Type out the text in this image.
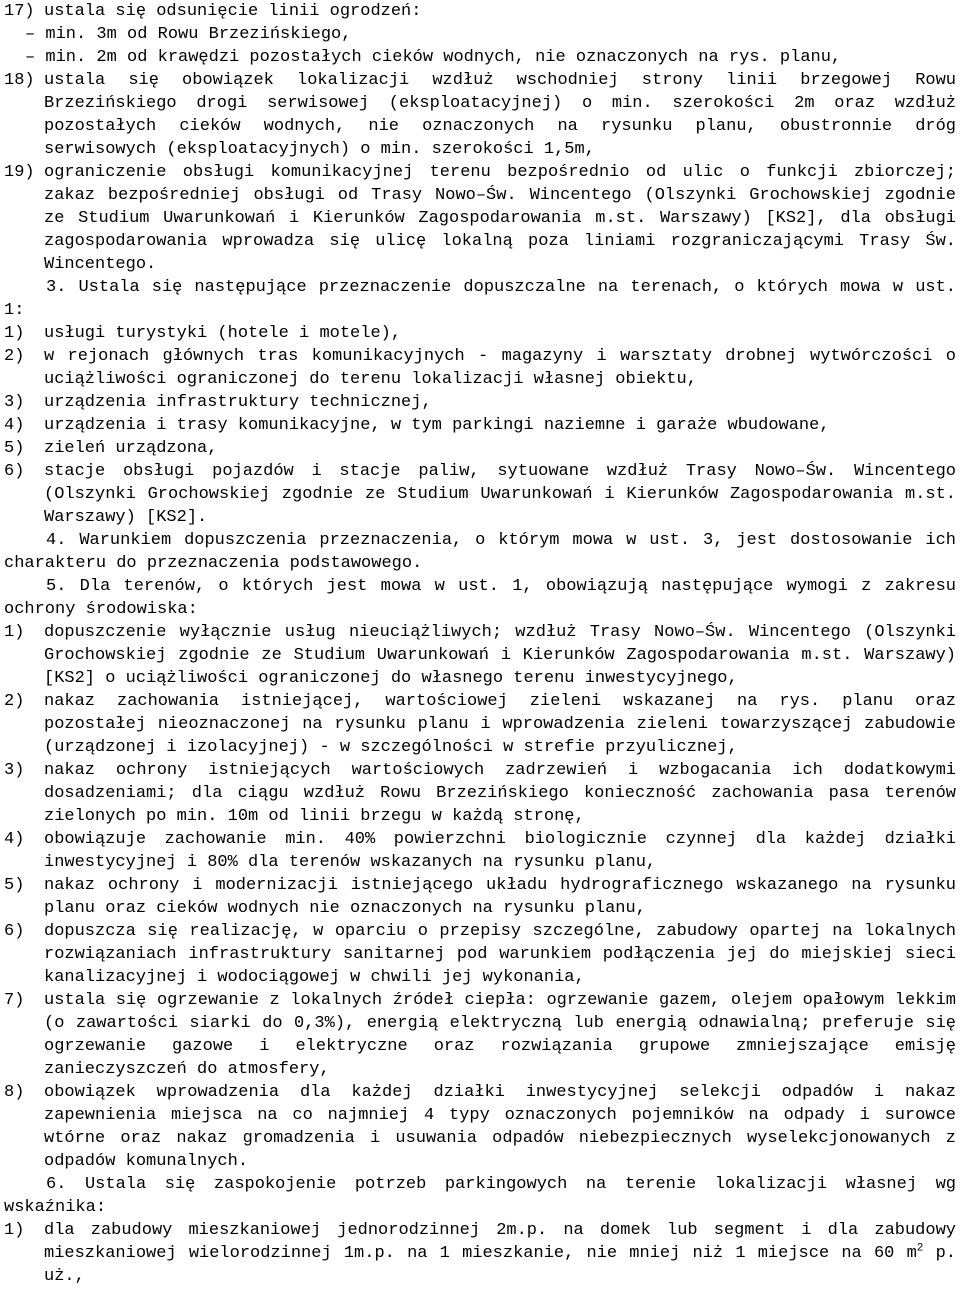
17) ustala się odsunięcie linii ogrodzeń:
– min. 3m od Rowu Brzezińskiego,
– min. 2m od krawędzi pozostałych cieków wodnych, nie oznaczonych na rys. planu,
18) ustala się obowiązek lokalizacji wzdłuż wschodniej strony linii brzegowej Rowu Brzezińskiego drogi serwisowej (eksploatacyjnej) o min. szerokości 2m oraz wzdłuż pozostałych cieków wodnych, nie oznaczonych na rysunku planu, obustronnie dróg serwisowych (eksploatacyjnych) o min. szerokości 1,5m,
19) ograniczenie obsługi komunikacyjnej terenu bezpośrednio od ulic o funkcji zbiorczej; zakaz bezpośredniej obsługi od Trasy Nowo–Św. Wincentego (Olszynki Grochowskiej zgodnie ze Studium Uwarunkowań i Kierunków Zagospodarowania m.st. Warszawy) [KS2], dla obsługi zagospodarowania wprowadza się ulicę lokalną poza liniami rozgraniczającymi Trasy Św. Wincentego.
3. Ustala się następujące przeznaczenie dopuszczalne na terenach, o których mowa w ust. 1:
1)	usługi turystyki (hotele i motele),
2)	w rejonach głównych tras komunikacyjnych - magazyny i warsztaty drobnej wytwórczości o uciążliwości ograniczonej do terenu lokalizacji własnej obiektu,
3)	urządzenia infrastruktury technicznej,
4)	urządzenia i trasy komunikacyjne, w tym parkingi naziemne i garaże wbudowane,
5)	zieleń urządzona,
6)	stacje obsługi pojazdów i stacje paliw, sytuowane wzdłuż Trasy Nowo–Św. Wincentego (Olszynki Grochowskiej zgodnie ze Studium Uwarunkowań i Kierunków Zagospodarowania m.st. Warszawy) [KS2].
4. Warunkiem dopuszczenia przeznaczenia, o którym mowa w ust. 3, jest dostosowanie ich charakteru do przeznaczenia podstawowego.
5. Dla terenów, o których jest mowa w ust. 1, obowiązują następujące wymogi z zakresu ochrony środowiska:
1)	dopuszczenie wyłącznie usług nieuciążliwych; wzdłuż Trasy Nowo–Św. Wincentego (Olszynki Grochowskiej zgodnie ze Studium Uwarunkowań i Kierunków Zagospodarowania m.st. Warszawy) [KS2] o uciążliwości ograniczonej do własnego terenu inwestycyjnego,
2)	nakaz zachowania istniejącej, wartościowej zieleni wskazanej na rys. planu oraz pozostałej nieoznaczonej na rysunku planu i wprowadzenia zieleni towarzyszącej zabudowie (urządzonej i izolacyjnej) - w szczególności w strefie przyulicznej,
3)	nakaz ochrony istniejących wartościowych zadrzewień i wzbogacania ich dodatkowymi dosadzeniami; dla ciągu wzdłuż Rowu Brzezińskiego konieczność zachowania pasa terenów zielonych po min. 10m od linii brzegu w każdą stronę,
4)	obowiązuje zachowanie min. 40% powierzchni biologicznie czynnej dla każdej działki inwestycyjnej i 80% dla terenów wskazanych na rysunku planu,
5)	nakaz ochrony i modernizacji istniejącego układu hydrograficznego wskazanego na rysunku planu oraz cieków wodnych nie oznaczonych na rysunku planu,
6)	dopuszcza się realizację, w oparciu o przepisy szczególne, zabudowy opartej na lokalnych rozwiązaniach infrastruktury sanitarnej pod warunkiem podłączenia jej do miejskiej sieci kanalizacyjnej i wodociągowej w chwili jej wykonania,
7)	ustala się ogrzewanie z lokalnych źródeł ciepła: ogrzewanie gazem, olejem opałowym lekkim (o zawartości siarki do 0,3%), energią elektryczną lub energią odnawialną; preferuje się ogrzewanie gazowe i elektryczne oraz rozwiązania grupowe zmniejszające emisję zanieczyszczeń do atmosfery,
8)	obowiązek wprowadzenia dla każdej działki inwestycyjnej selekcji odpadów i nakaz zapewnienia miejsca na co najmniej 4 typy oznaczonych pojemników na odpady i surowce wtórne oraz nakaz gromadzenia i usuwania odpadów niebezpiecznych wyselekcjonowanych z odpadów komunalnych.
6. Ustala się zaspokojenie potrzeb parkingowych na terenie lokalizacji własnej wg wskaźnika:
1)	dla zabudowy mieszkaniowej jednorodzinnej 2m.p. na domek lub segment i dla zabudowy mieszkaniowej wielorodzinnej 1m.p. na 1 mieszkanie, nie mniej niż 1 miejsce na 60 $m^2$ p. uż.,
